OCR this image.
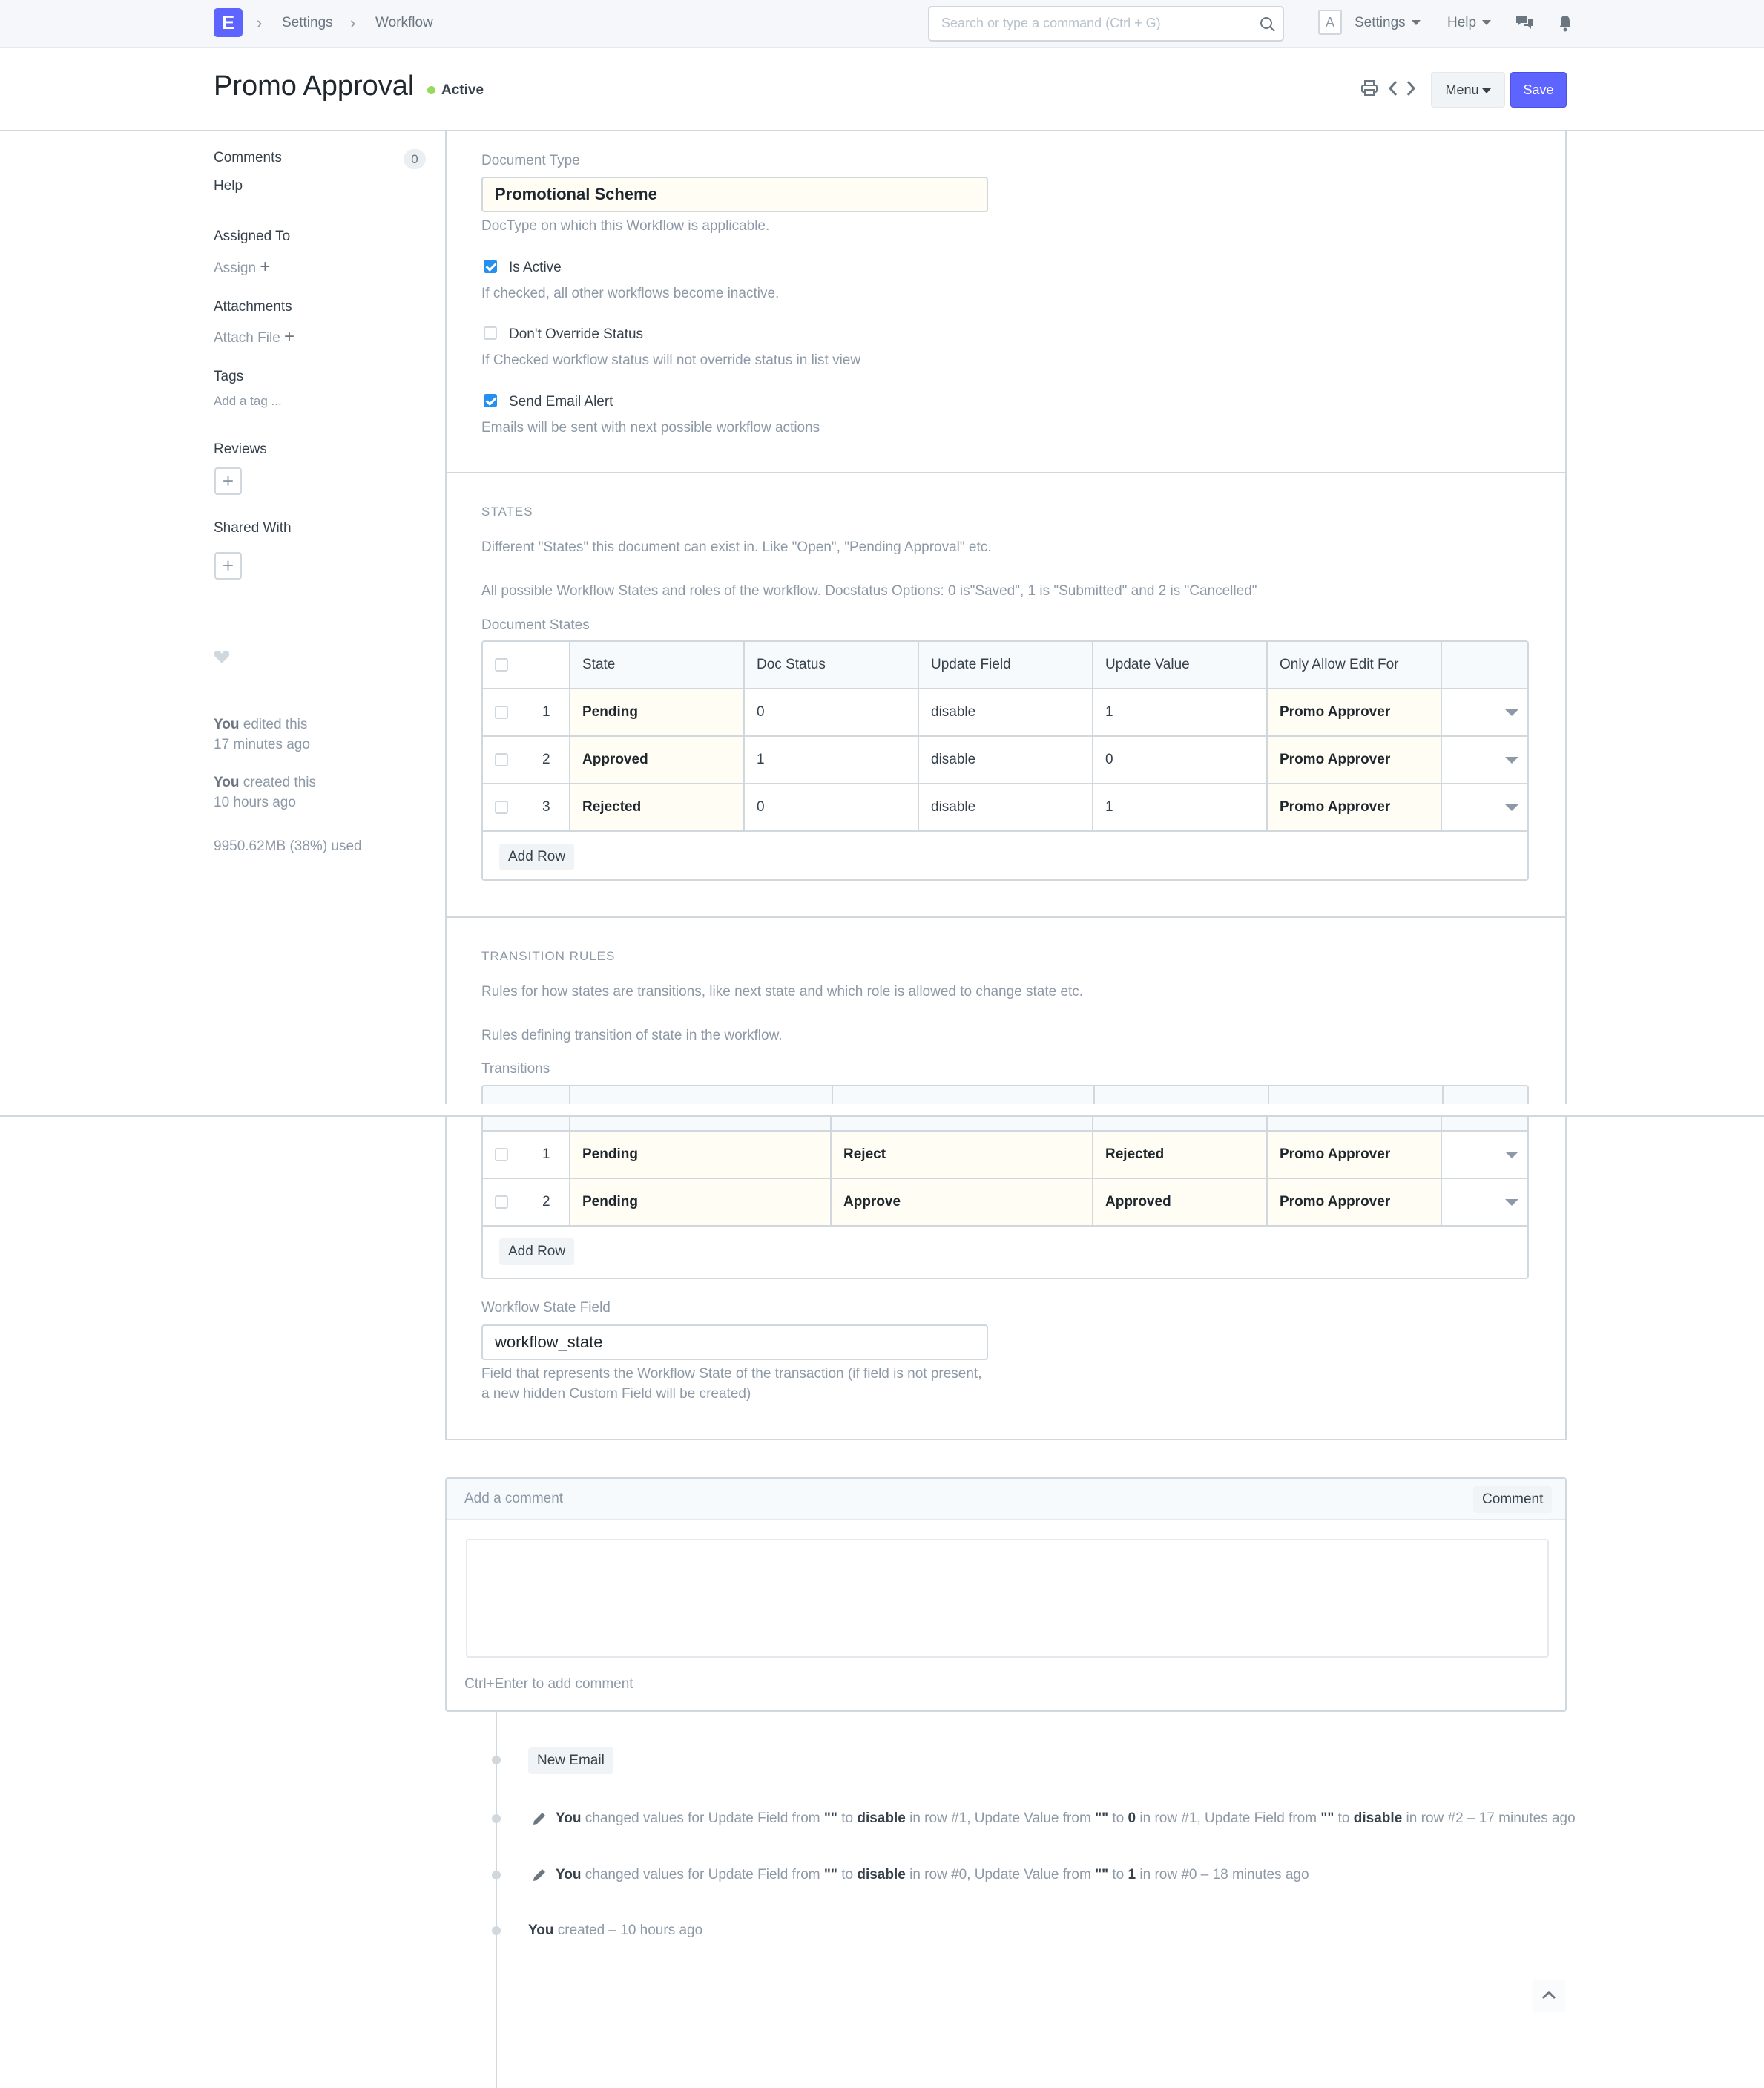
E	› Settings › Workflow
Search or type a command (Ctrl + G)	A	Settings	Help
Promo Approval	Active	Menu	Save
Comments	0
Help
Assigned To
Assign +
Attachments
Attach File +
Tags
Add a tag ...
Reviews
+
Shared With
+
You edited this
17 minutes ago
You created this
10 hours ago
9950.62MB (38%) used
Document Type
Promotional Scheme
DocType on which this Workflow is applicable.
Is Active
If checked, all other workflows become inactive.
Don't Override Status
If Checked workflow status will not override status in list view
Send Email Alert
Emails will be sent with next possible workflow actions
STATES
Different "States" this document can exist in. Like "Open", "Pending Approval" etc.
All possible Workflow States and roles of the workflow. Docstatus Options: 0 is"Saved", 1 is "Submitted" and 2 is "Cancelled"
Document States
State	Doc Status	Update Field	Update Value	Only Allow Edit For
1	Pending	0	disable	1	Promo Approver
2	Approved	1	disable	0	Promo Approver
3	Rejected	0	disable	1	Promo Approver
Add Row
TRANSITION RULES
Rules for how states are transitions, like next state and which role is allowed to change state etc.
Rules defining transition of state in the workflow.
Transitions
1	Pending	Reject	Rejected	Promo Approver
2	Pending	Approve	Approved	Promo Approver
Add Row
Workflow State Field
workflow_state
Field that represents the Workflow State of the transaction (if field is not present,
a new hidden Custom Field will be created)
Add a comment	Comment
Ctrl+Enter to add comment
New Email
You changed values for Update Field from "" to disable in row #1, Update Value from "" to 0 in row #1, Update Field from "" to disable in row #2 – 17 minutes ago
You changed values for Update Field from "" to disable in row #0, Update Value from "" to 1 in row #0 – 18 minutes ago
You created – 10 hours ago
